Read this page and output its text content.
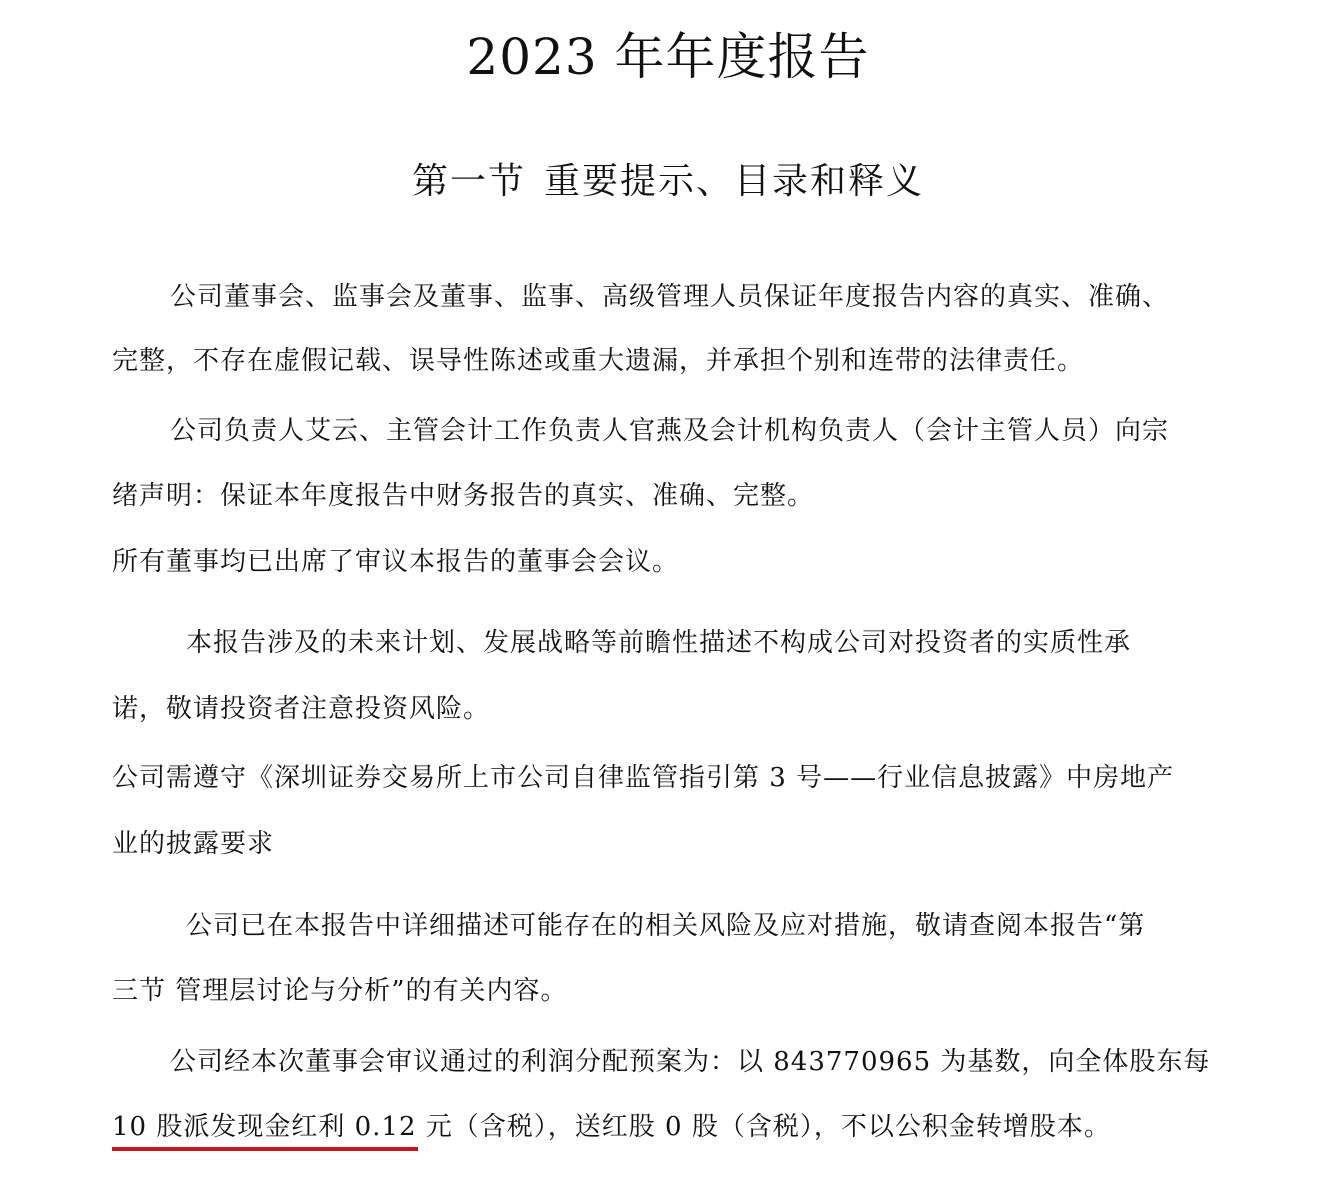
2023 年年度报告
第一节 重要提示、目录和释义
公司董事会、监事会及董事、监事、高级管理人员保证年度报告内容的真实、准确、
完整，不存在虚假记载、误导性陈述或重大遗漏，并承担个别和连带的法律责任。
公司负责人艾云、主管会计工作负责人官燕及会计机构负责人（会计主管人员）向宗
绪声明：保证本年度报告中财务报告的真实、准确、完整。
所有董事均已出席了审议本报告的董事会会议。
本报告涉及的未来计划、发展战略等前瞻性描述不构成公司对投资者的实质性承
诺，敬请投资者注意投资风险。
公司需遵守《深圳证券交易所上市公司自律监管指引第 3 号——行业信息披露》中房地产
业的披露要求
公司已在本报告中详细描述可能存在的相关风险及应对措施，敬请查阅本报告“第
三节 管理层讨论与分析”的有关内容。
公司经本次董事会审议通过的利润分配预案为：以 843770965 为基数，向全体股东每
10 股派发现金红利 0.12 元（含税），送红股 0 股（含税），不以公积金转增股本。
